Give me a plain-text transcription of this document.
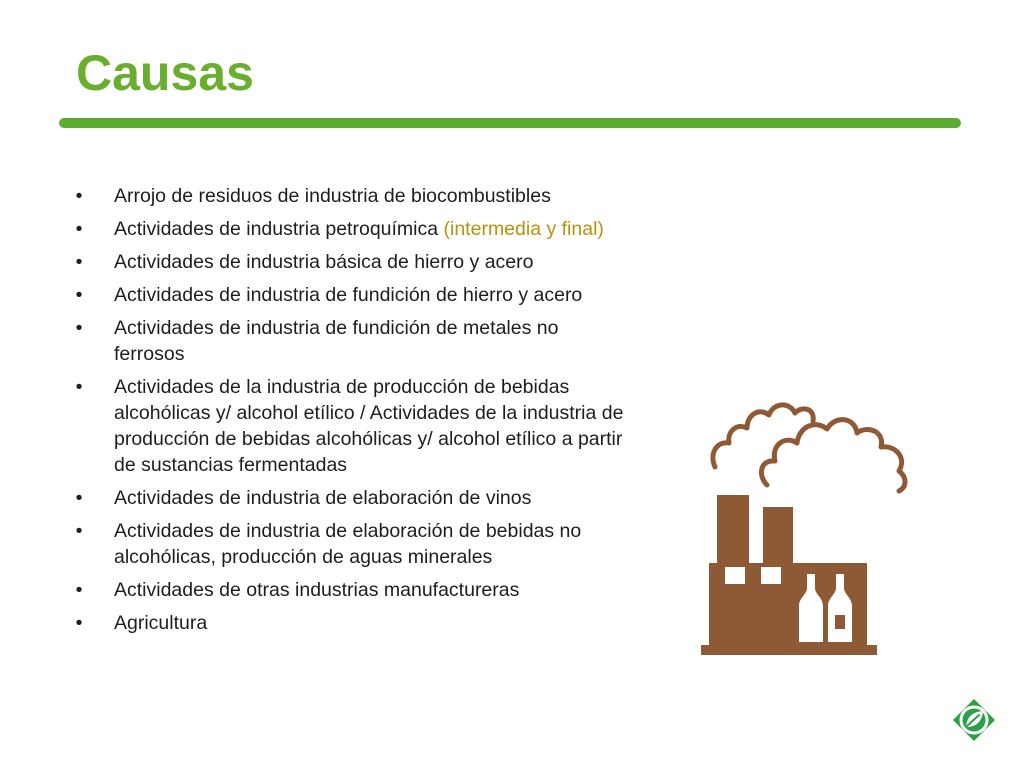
Causas
• Arrojo de residuos de industria de biocombustibles
• Actividades de industria petroquímica (intermedia y final)
• Actividades de industria básica de hierro y acero
• Actividades de industria de fundición de hierro y acero
• Actividades de industria de fundición de metales no ferrosos
• Actividades de la industria de producción de bebidas alcohólicas y/ alcohol etílico / Actividades de la industria de producción de bebidas alcohólicas y/ alcohol etílico a partir de sustancias fermentadas
• Actividades de industria de elaboración de vinos
• Actividades de industria de elaboración de bebidas no alcohólicas, producción de aguas minerales
• Actividades de otras industrias manufactureras
• Agricultura
